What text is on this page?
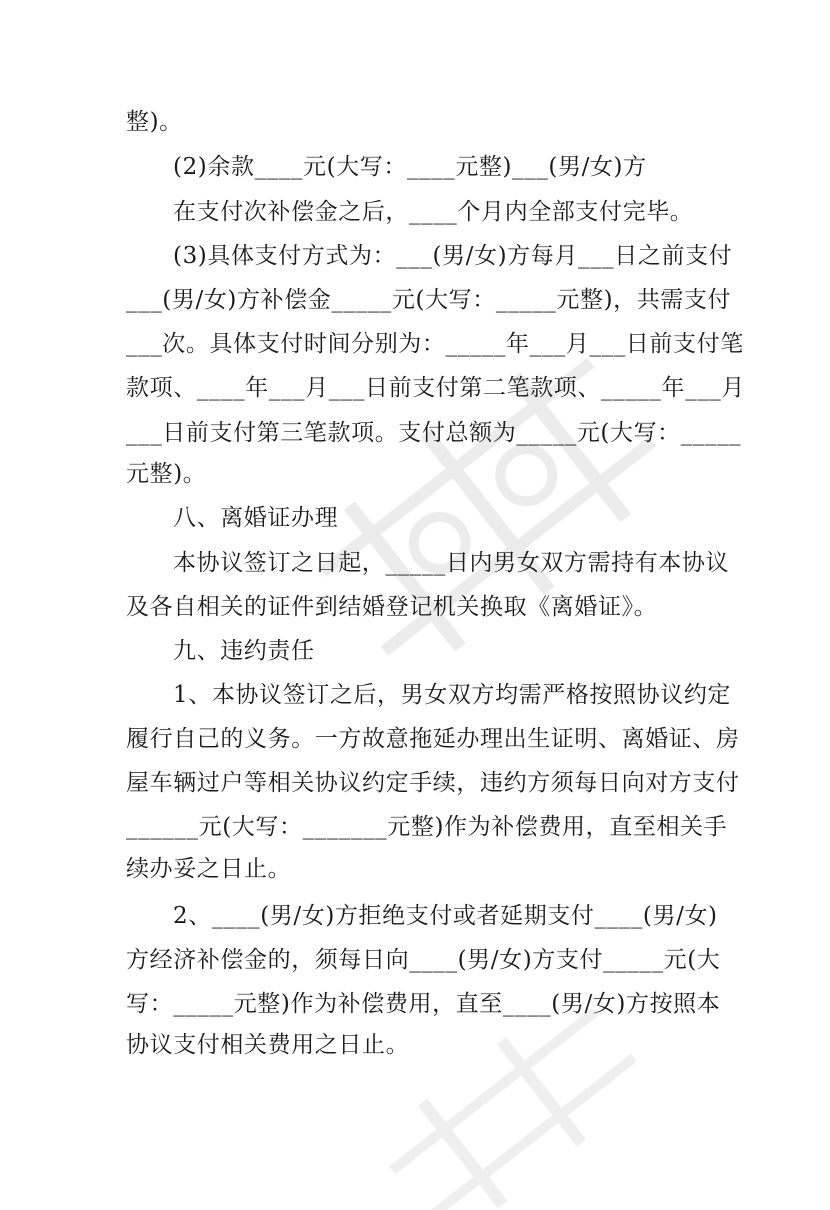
整)。
(2)余款____元(大写：____元整)___(男/女)方
在支付次补偿金之后，____个月内全部支付完毕。
(3)具体支付方式为：___(男/女)方每月___日之前支付
___(男/女)方补偿金_____元(大写：_____元整)，共需支付
___次。具体支付时间分别为：_____年___月___日前支付笔
款项、____年___月___日前支付第二笔款项、_____年___月
___日前支付第三笔款项。支付总额为_____元(大写：_____
元整)。
八、离婚证办理
本协议签订之日起，_____日内男女双方需持有本协议
及各自相关的证件到结婚登记机关换取《离婚证》。
九、违约责任
1、本协议签订之后，男女双方均需严格按照协议约定
履行自己的义务。一方故意拖延办理出生证明、离婚证、房
屋车辆过户等相关协议约定手续，违约方须每日向对方支付
______元(大写：_______元整)作为补偿费用，直至相关手
续办妥之日止。
2、____(男/女)方拒绝支付或者延期支付____(男/女)
方经济补偿金的，须每日向____(男/女)方支付_____元(大
写：_____元整)作为补偿费用，直至____(男/女)方按照本
协议支付相关费用之日止。
